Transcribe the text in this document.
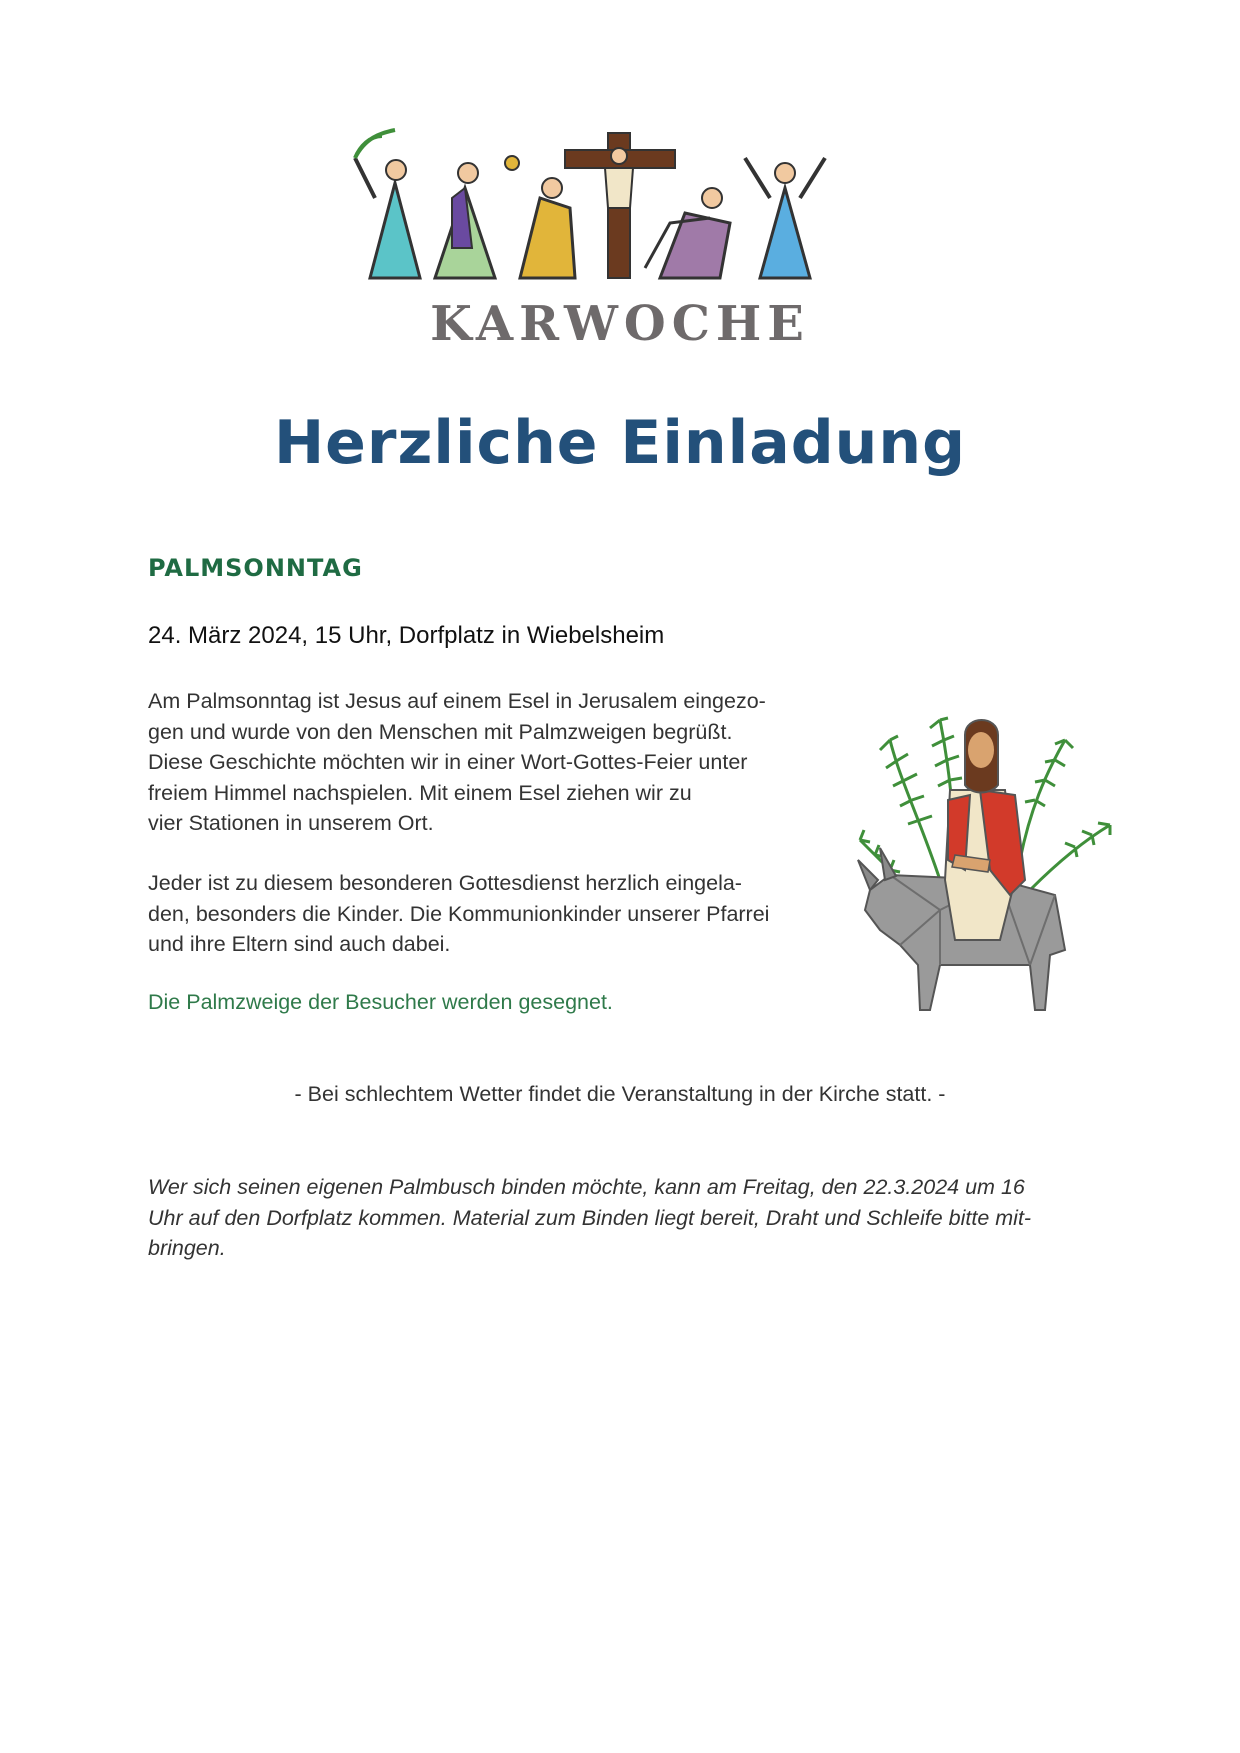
KARWOCHE
Herzliche Einladung
PALMSONNTAG
24. März 2024, 15 Uhr, Dorfplatz in Wiebelsheim
Am Palmsonntag ist Jesus auf einem Esel in Jerusalem eingezo-
gen und wurde von den Menschen mit Palmzweigen begrüßt.
Diese Geschichte möchten wir in einer Wort-Gottes-Feier unter
freiem Himmel nachspielen. Mit einem Esel ziehen wir zu
vier Stationen in unserem Ort.
Jeder ist zu diesem besonderen Gottesdienst herzlich eingela-
den, besonders die Kinder. Die Kommunionkinder unserer Pfarrei
und ihre Eltern sind auch dabei.
Die Palmzweige der Besucher werden gesegnet.
- Bei schlechtem Wetter findet die Veranstaltung in der Kirche statt. -
Wer sich seinen eigenen Palmbusch binden möchte, kann am Freitag, den 22.3.2024 um 16
Uhr auf den Dorfplatz kommen. Material zum Binden liegt bereit, Draht und Schleife bitte mit-
bringen.
